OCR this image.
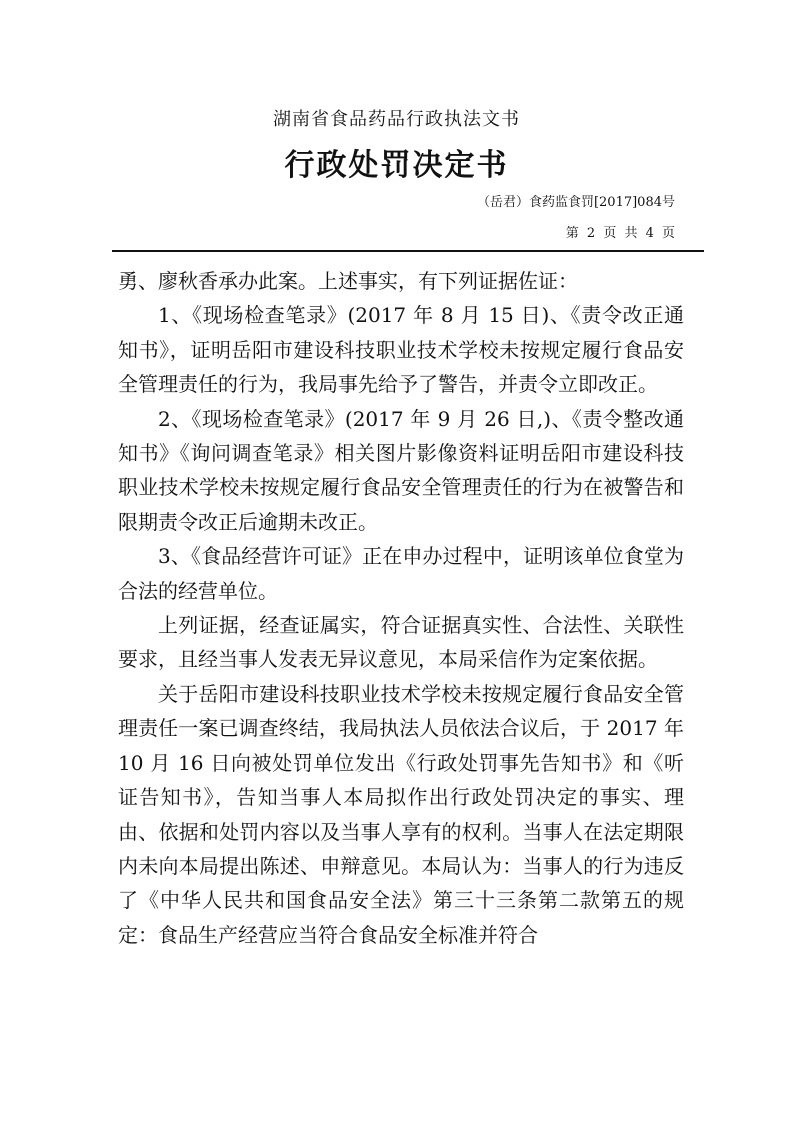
湖南省食品药品行政执法文书
行政处罚决定书
（岳君）食药监食罚[2017]084号
第 2 页 共 4 页

勇、廖秋香承办此案。上述事实，有下列证据佐证：

1、《现场检查笔录》(2017 年 8 月 15 日)、《责令改正通知书》，证明岳阳市建设科技职业技术学校未按规定履行食品安全管理责任的行为，我局事先给予了警告，并责令立即改正。

2、《现场检查笔录》(2017 年 9 月 26 日,)、《责令整改通知书》《询问调查笔录》相关图片影像资料证明岳阳市建设科技职业技术学校未按规定履行食品安全管理责任的行为在被警告和限期责令改正后逾期未改正。

3、《食品经营许可证》正在申办过程中，证明该单位食堂为合法的经营单位。

上列证据，经查证属实，符合证据真实性、合法性、关联性要求，且经当事人发表无异议意见，本局采信作为定案依据。

关于岳阳市建设科技职业技术学校未按规定履行食品安全管理责任一案已调查终结，我局执法人员依法合议后，于 2017 年 10 月 16 日向被处罚单位发出《行政处罚事先告知书》和《听证告知书》，告知当事人本局拟作出行政处罚决定的事实、理由、依据和处罚内容以及当事人享有的权利。当事人在法定期限内未向本局提出陈述、申辩意见。本局认为：当事人的行为违反了《中华人民共和国食品安全法》第三十三条第二款第五的规定：食品生产经营应当符合食品安全标准并符合
